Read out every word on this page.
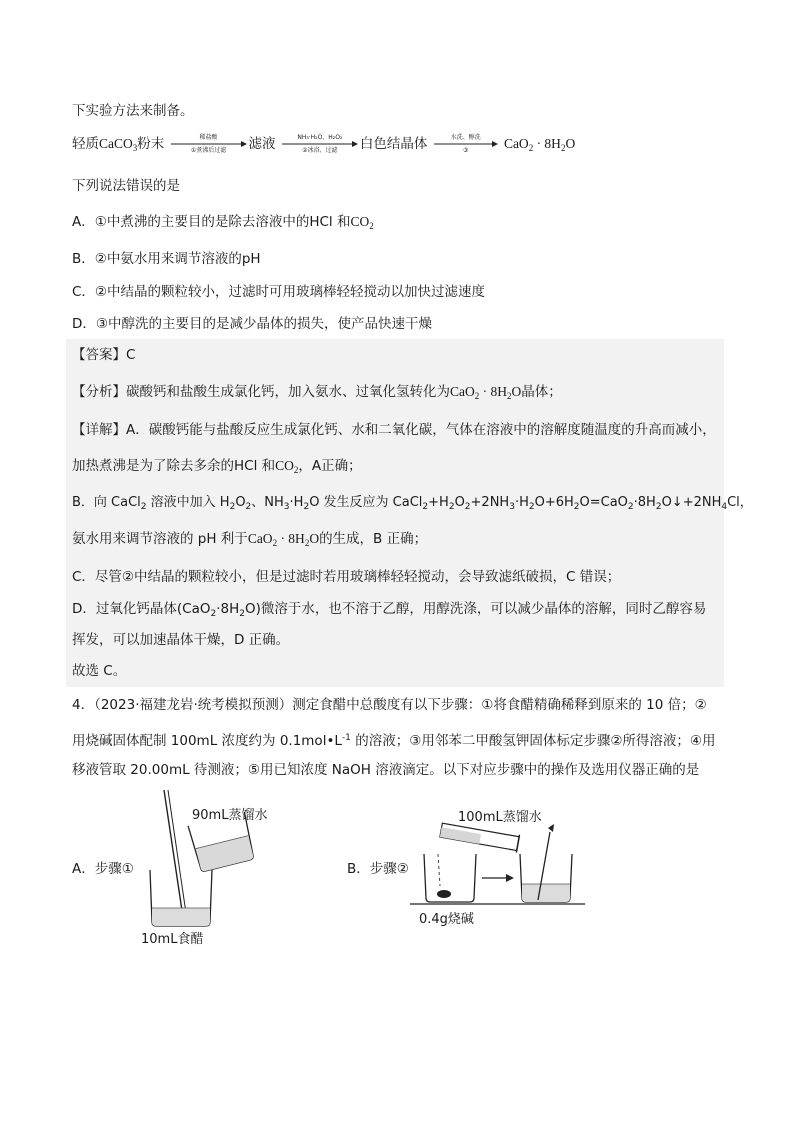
下实验方法来制备。
轻质CaCO$_3$粉末	稀盐酸
①煮沸后过滤	滤液	NH₃·H₂O、H₂O₂
②冰浴、过滤	白色结晶体	水洗、醇洗
③	$CaO_2 \cdot 8H_2O$
下列说法错误的是
A．①中煮沸的主要目的是除去溶液中的HCl 和$CO_2$
B．②中氨水用来调节溶液的pH
C．②中结晶的颗粒较小，过滤时可用玻璃棒轻轻搅动以加快过滤速度
D．③中醇洗的主要目的是减少晶体的损失，使产品快速干燥
【答案】C
【分析】碳酸钙和盐酸生成氯化钙，加入氨水、过氧化氢转化为$CaO_2 \cdot 8H_2O$晶体；
【详解】A．碳酸钙能与盐酸反应生成氯化钙、水和二氧化碳，气体在溶液中的溶解度随温度的升高而减小，
加热煮沸是为了除去多余的HCl 和$CO_2$，A正确；
B．向 CaCl$_2$ 溶液中加入 $H_2O_2$、$NH_3\cdot H_2O$ 发生反应为 $CaCl_2+H_2O_2+2NH_3\cdot H_2O+6H_2O=CaO_2\cdot 8H_2O↓+2NH_4Cl$，
氨水用来调节溶液的 pH 利于$CaO_2 \cdot 8H_2O$的生成，B 正确；
C．尽管②中结晶的颗粒较小，但是过滤时若用玻璃棒轻轻搅动，会导致滤纸破损，C 错误；
D．过氧化钙晶体$(CaO_2\cdot 8H_2O)$微溶于水，也不溶于乙醇，用醇洗涤，可以减少晶体的溶解，同时乙醇容易
挥发，可以加速晶体干燥，D 正确。
故选 C。
4．（2023·福建龙岩·统考模拟预测）测定食醋中总酸度有以下步骤：①将食醋精确稀释到原来的 10 倍；②
用烧碱固体配制 100mL 浓度约为 $0.1mol•L^{-1}$ 的溶液；③用邻苯二甲酸氢钾固体标定步骤②所得溶液；④用
移液管取 20.00mL 待测液；⑤用已知浓度 NaOH 溶液滴定。以下对应步骤中的操作及选用仪器正确的是
A．步骤①
90mL蒸馏水
10mL食醋
B．步骤②
100mL蒸馏水
0.4g烧碱
